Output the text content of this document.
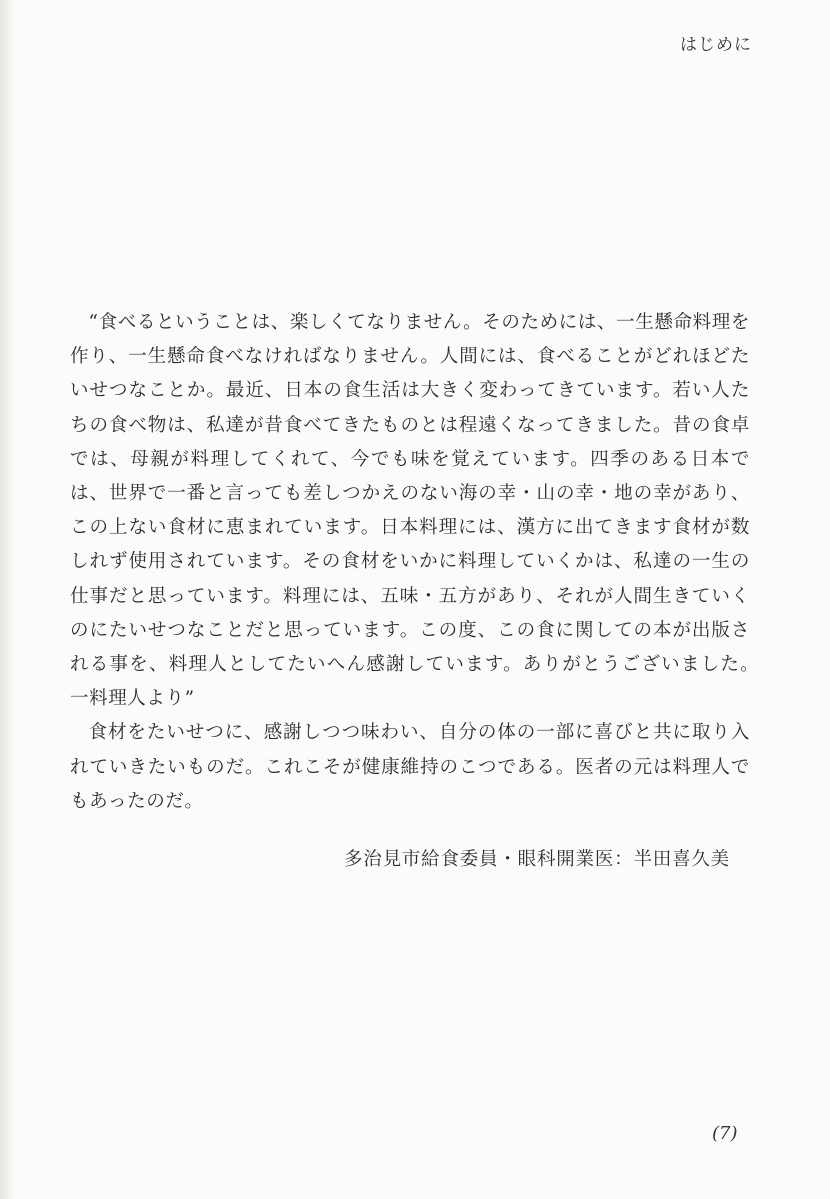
はじめに

“食べるということは、楽しくてなりません。そのためには、一生懸命料理を作り、一生懸命食べなければなりません。人間には、食べることがどれほどたいせつなことか。最近、日本の食生活は大きく変わってきています。若い人たちの食べ物は、私達が昔食べてきたものとは程遠くなってきました。昔の食卓では、母親が料理してくれて、今でも味を覚えています。四季のある日本では、世界で一番と言っても差しつかえのない海の幸・山の幸・地の幸があり、この上ない食材に恵まれています。日本料理には、漢方に出てきます食材が数しれず使用されています。その食材をいかに料理していくかは、私達の一生の仕事だと思っています。料理には、五味・五方があり、それが人間生きていくのにたいせつなことだと思っています。この度、この食に関しての本が出版される事を、料理人としてたいへん感謝しています。ありがとうございました。　一料理人より”

食材をたいせつに、感謝しつつ味わい、自分の体の一部に喜びと共に取り入れていきたいものだ。これこそが健康維持のこつである。医者の元は料理人でもあったのだ。

多治見市給食委員・眼科開業医：半田喜久美
(7)
